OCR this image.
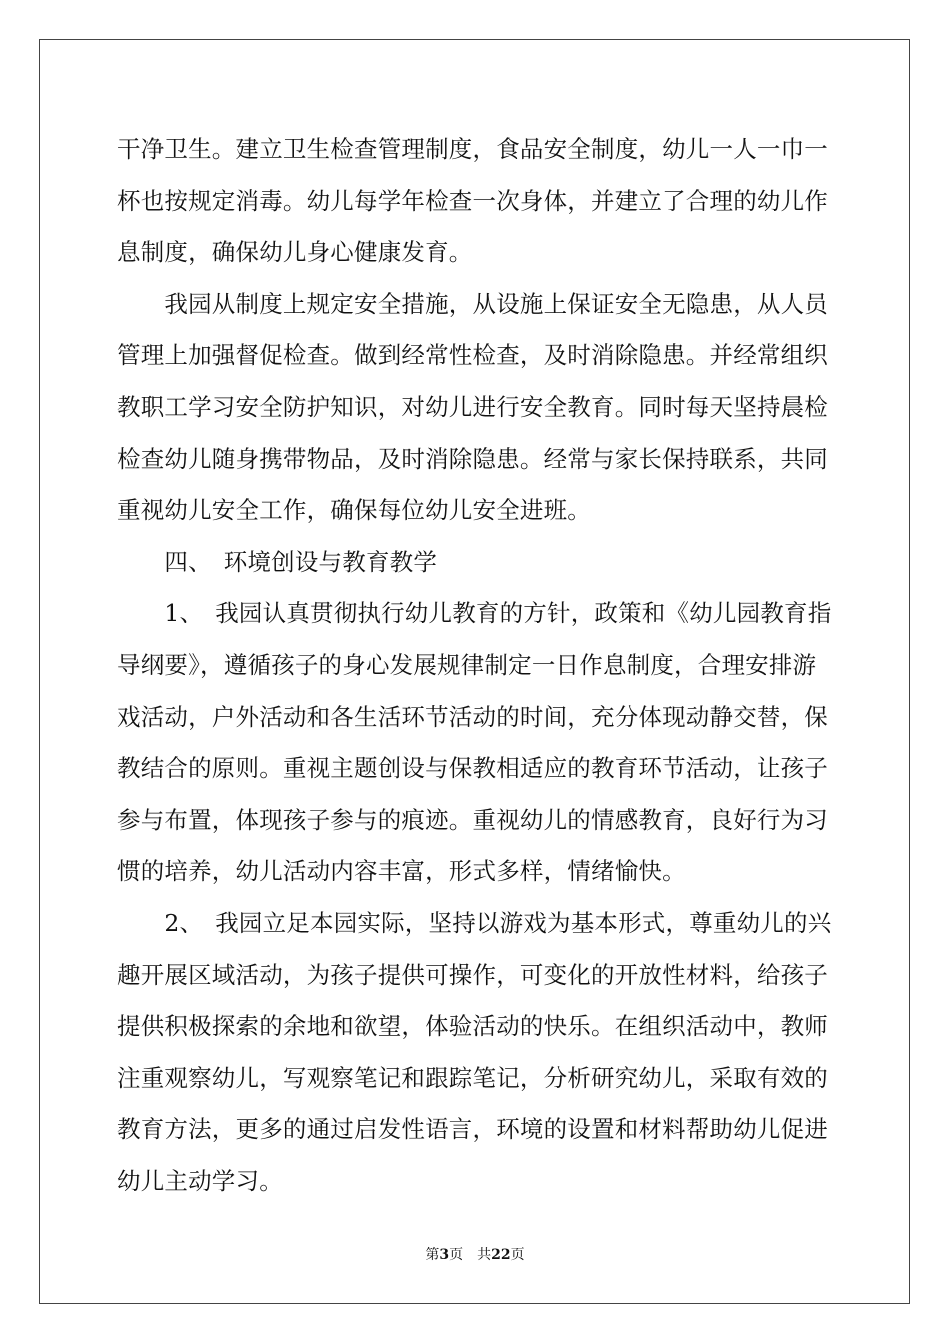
干净卫生。建立卫生检查管理制度，食品安全制度，幼儿一人一巾一
杯也按规定消毒。幼儿每学年检查一次身体，并建立了合理的幼儿作
息制度，确保幼儿身心健康发育。
　　我园从制度上规定安全措施，从设施上保证安全无隐患，从人员
管理上加强督促检查。做到经常性检查，及时消除隐患。并经常组织
教职工学习安全防护知识，对幼儿进行安全教育。同时每天坚持晨检
检查幼儿随身携带物品，及时消除隐患。经常与家长保持联系，共同
重视幼儿安全工作，确保每位幼儿安全进班。
　　四、　环境创设与教育教学
　　1、　我园认真贯彻执行幼儿教育的方针，政策和《幼儿园教育指
导纲要》，遵循孩子的身心发展规律制定一日作息制度，合理安排游
戏活动，户外活动和各生活环节活动的时间，充分体现动静交替，保
教结合的原则。重视主题创设与保教相适应的教育环节活动，让孩子
参与布置，体现孩子参与的痕迹。重视幼儿的情感教育，良好行为习
惯的培养，幼儿活动内容丰富，形式多样，情绪愉快。
　　2、　我园立足本园实际，坚持以游戏为基本形式，尊重幼儿的兴
趣开展区域活动，为孩子提供可操作，可变化的开放性材料，给孩子
提供积极探索的余地和欲望，体验活动的快乐。在组织活动中，教师
注重观察幼儿，写观察笔记和跟踪笔记，分析研究幼儿，采取有效的
教育方法，更多的通过启发性语言，环境的设置和材料帮助幼儿促进
幼儿主动学习。
第3页　共22页
